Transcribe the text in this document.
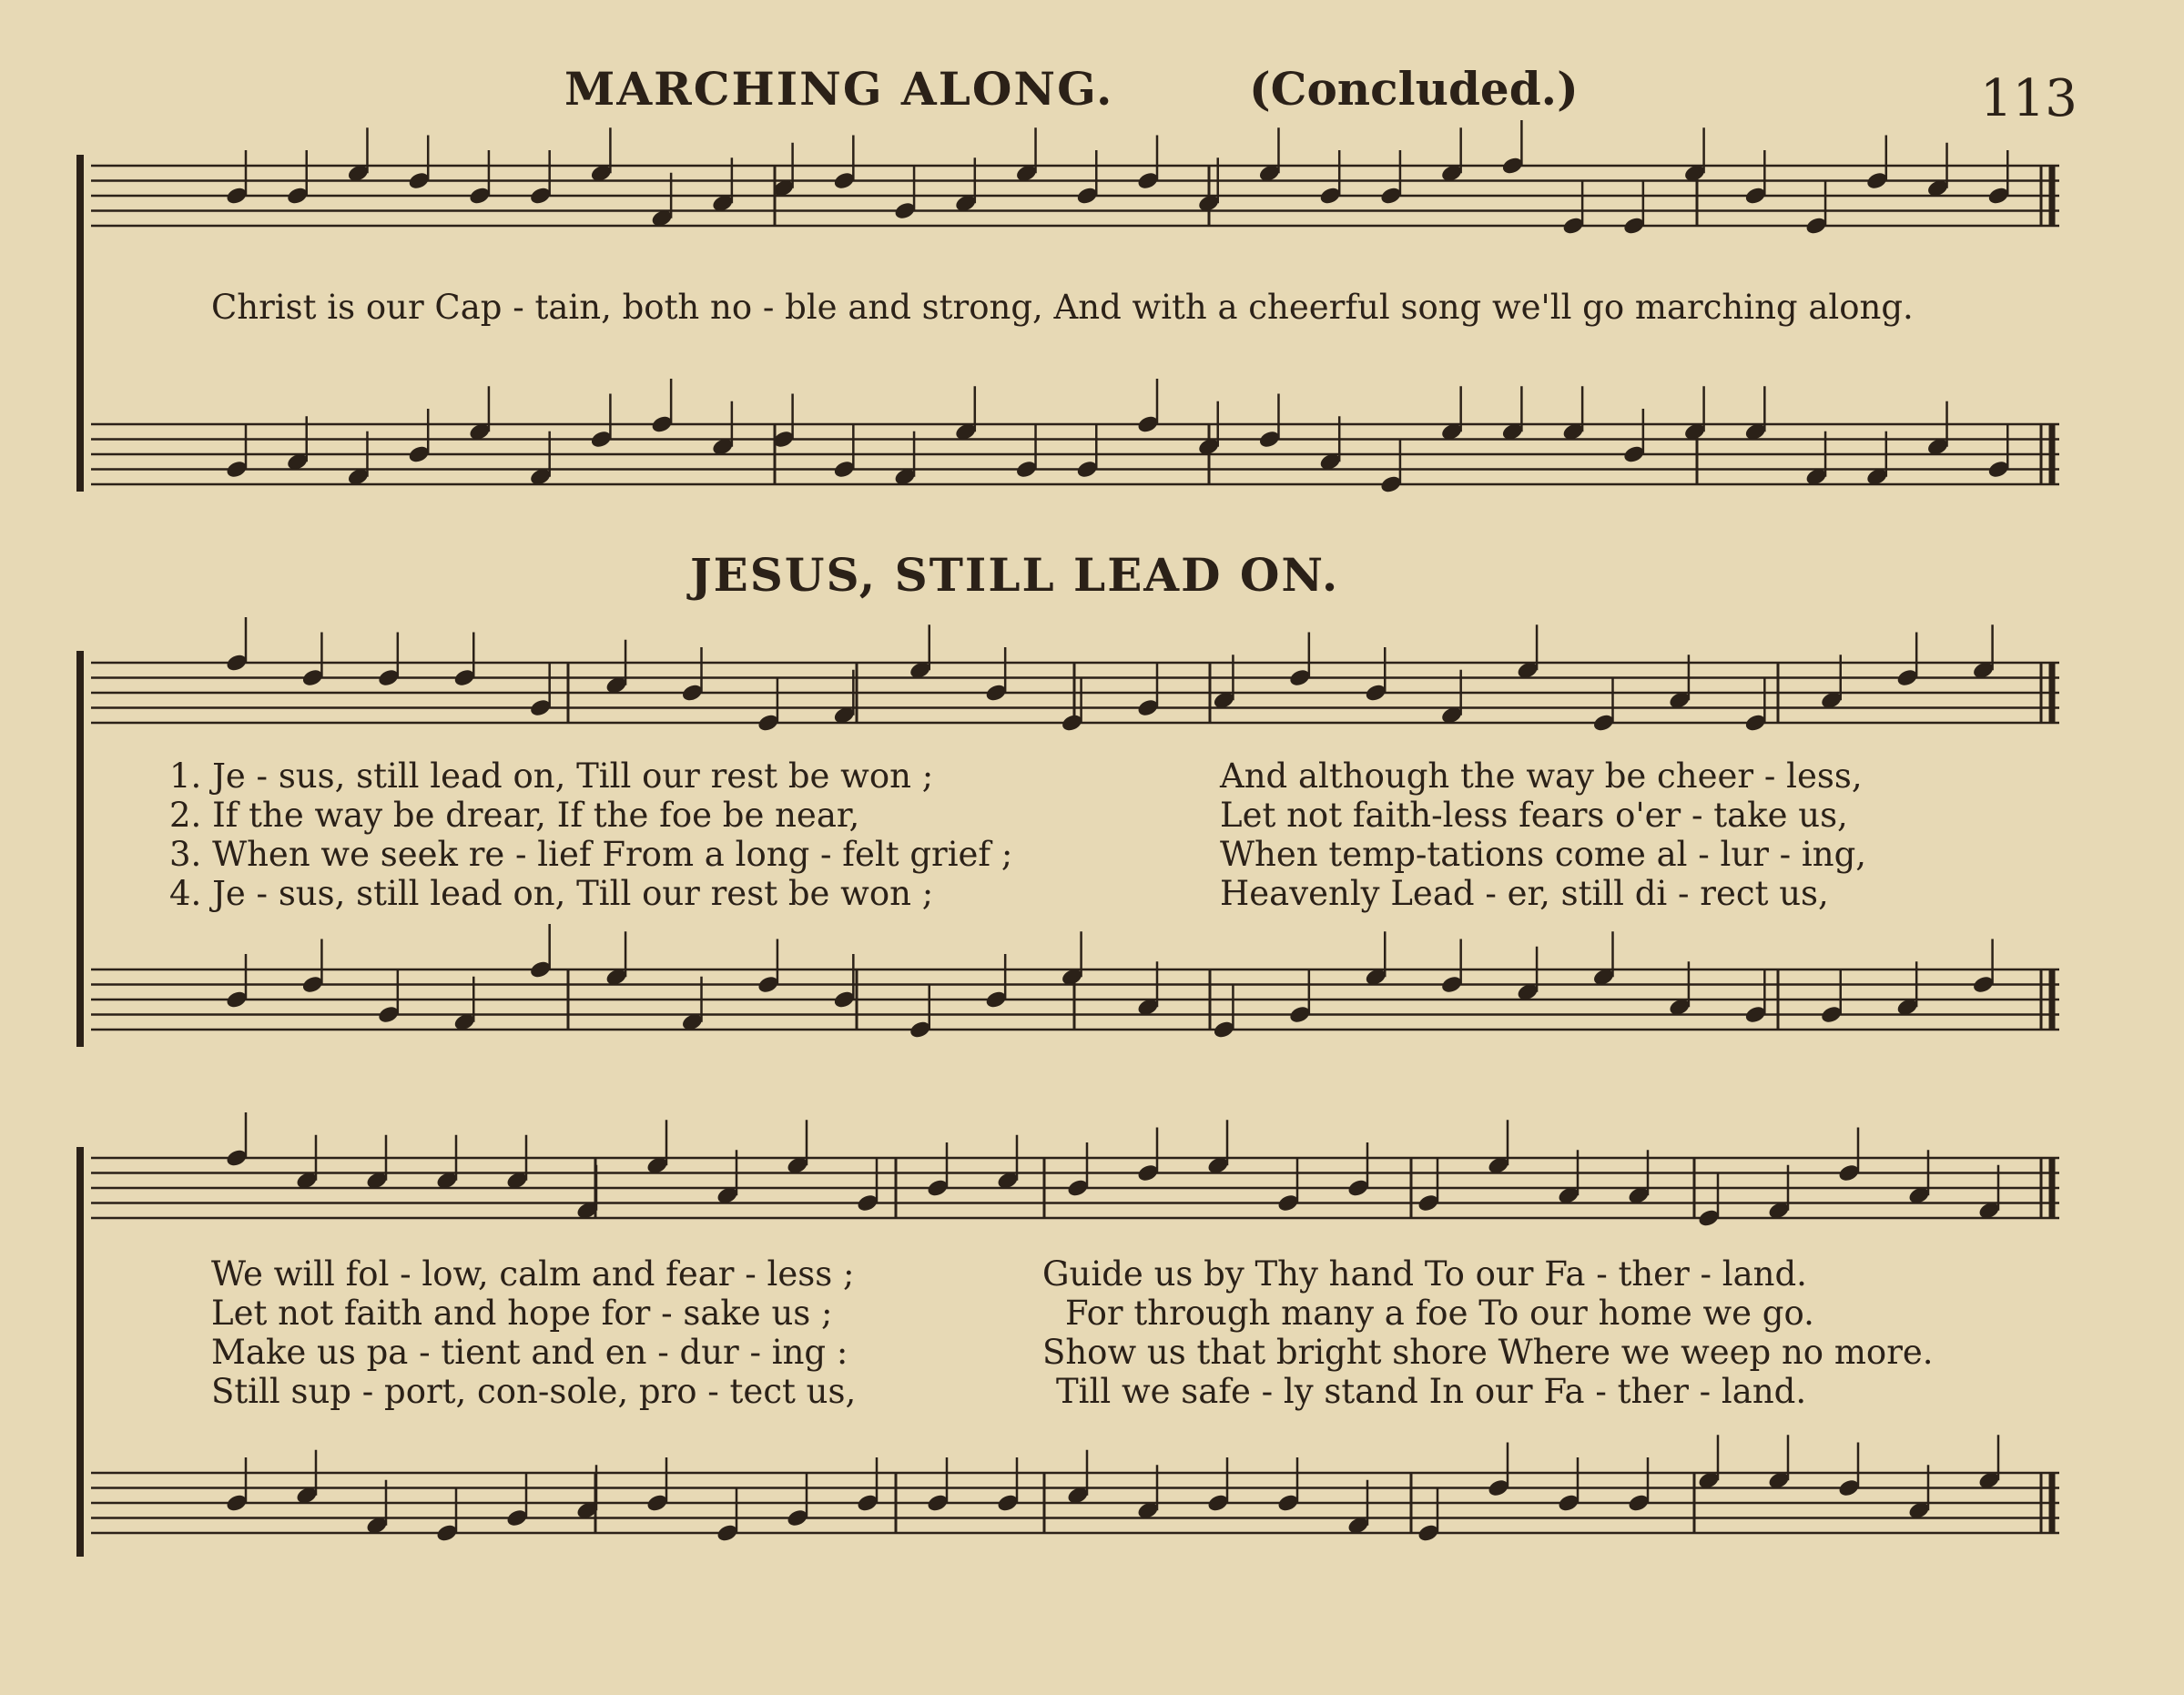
MARCHING ALONG.	(Concluded.)	113
JESUS, STILL LEAD ON.
Christ is our Cap - tain, both no - ble and strong, And with a cheerful song we'll go marching along.
1. Je - sus, still lead on, Till our rest be won ;
2. If the way be drear, If the foe be near,
3. When we seek re - lief From a long - felt grief ;
4. Je - sus, still lead on, Till our rest be won ;
And although the way be cheer - less,
Let not faith-less fears o'er - take us,
When temp-tations come al - lur - ing,
Heavenly Lead - er, still di - rect us,
We will fol - low, calm and fear - less ;
Let not faith and hope for - sake us ;
Make us pa - tient and en - dur - ing :
Still sup - port, con-sole, pro - tect us,
Guide us by Thy hand To our Fa - ther - land.
For through many a foe To our home we go.
Show us that bright shore Where we weep no more.
Till we safe - ly stand In our Fa - ther - land.
